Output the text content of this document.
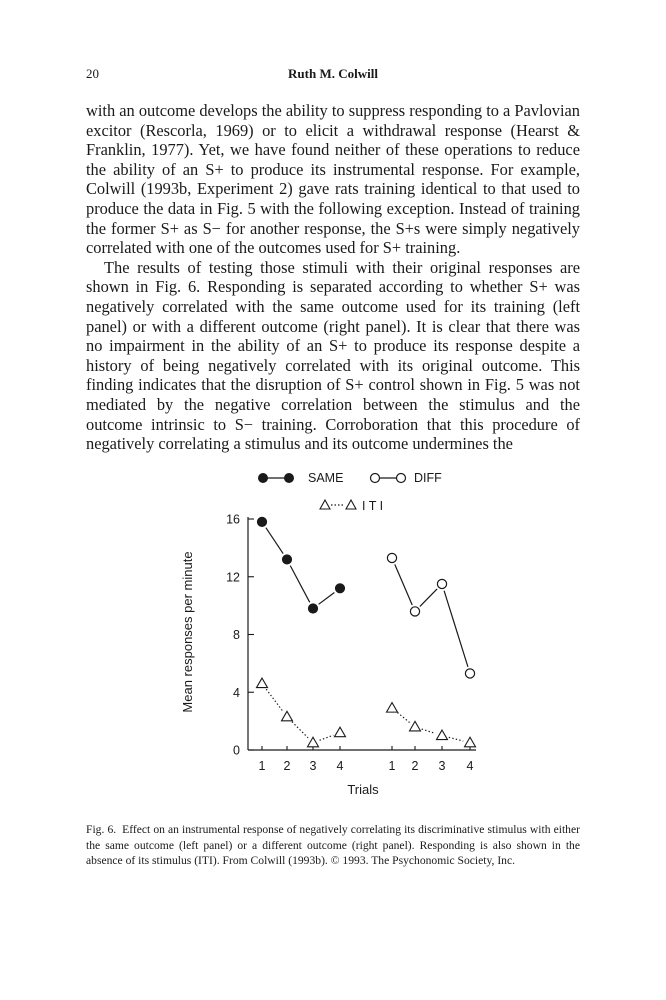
20	Ruth M. Colwill

with an outcome develops the ability to suppress responding to a Pavlovian excitor (Rescorla, 1969) or to elicit a withdrawal response (Hearst & Franklin, 1977). Yet, we have found neither of these operations to reduce the ability of an S+ to produce its instrumental response. For example, Colwill (1993b, Experiment 2) gave rats training identical to that used to produce the data in Fig. 5 with the following exception. Instead of training the former S+ as S− for another response, the S+s were simply negatively correlated with one of the outcomes used for S+ training.

The results of testing those stimuli with their original responses are shown in Fig. 6. Responding is separated according to whether S+ was negatively correlated with the same outcome used for its training (left panel) or with a different outcome (right panel). It is clear that there was no impairment in the ability of an S+ to produce its response despite a history of being negatively correlated with its original outcome. This finding indicates that the disruption of S+ control shown in Fig. 5 was not mediated by the negative correlation between the stimulus and the outcome intrinsic to S− training. Corroboration that this procedure of negatively correlating a stimulus and its outcome undermines the

SAME	DIFF
I T I
Mean responses per minute
Trials
0
4
8
12
16
1 2 3 4	1 2 3 4
Fig. 6. Effect on an instrumental response of negatively correlating its discriminative stimulus with either the same outcome (left panel) or a different outcome (right panel). Responding is also shown in the absence of its stimulus (ITI). From Colwill (1993b). © 1993. The Psychonomic Society, Inc.
